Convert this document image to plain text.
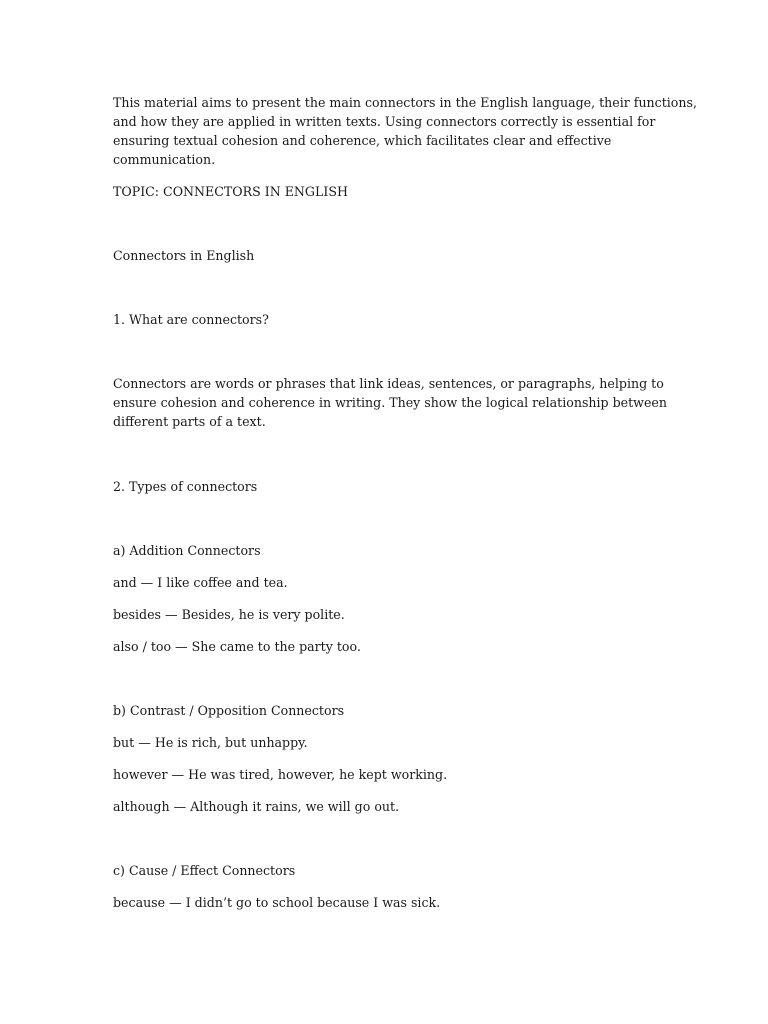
This material aims to present the main connectors in the English language, their functions,

and how they are applied in written texts. Using connectors correctly is essential for

ensuring textual cohesion and coherence, which facilitates clear and effective

communication.

TOPIC: CONNECTORS IN ENGLISH

Connectors in English

1. What are connectors?

Connectors are words or phrases that link ideas, sentences, or paragraphs, helping to

ensure cohesion and coherence in writing. They show the logical relationship between

different parts of a text.

2. Types of connectors

a) Addition Connectors

and — I like coffee and tea.

besides — Besides, he is very polite.

also / too — She came to the party too.

b) Contrast / Opposition Connectors

but — He is rich, but unhappy.

however — He was tired, however, he kept working.

although — Although it rains, we will go out.

c) Cause / Effect Connectors

because — I didn’t go to school because I was sick.
